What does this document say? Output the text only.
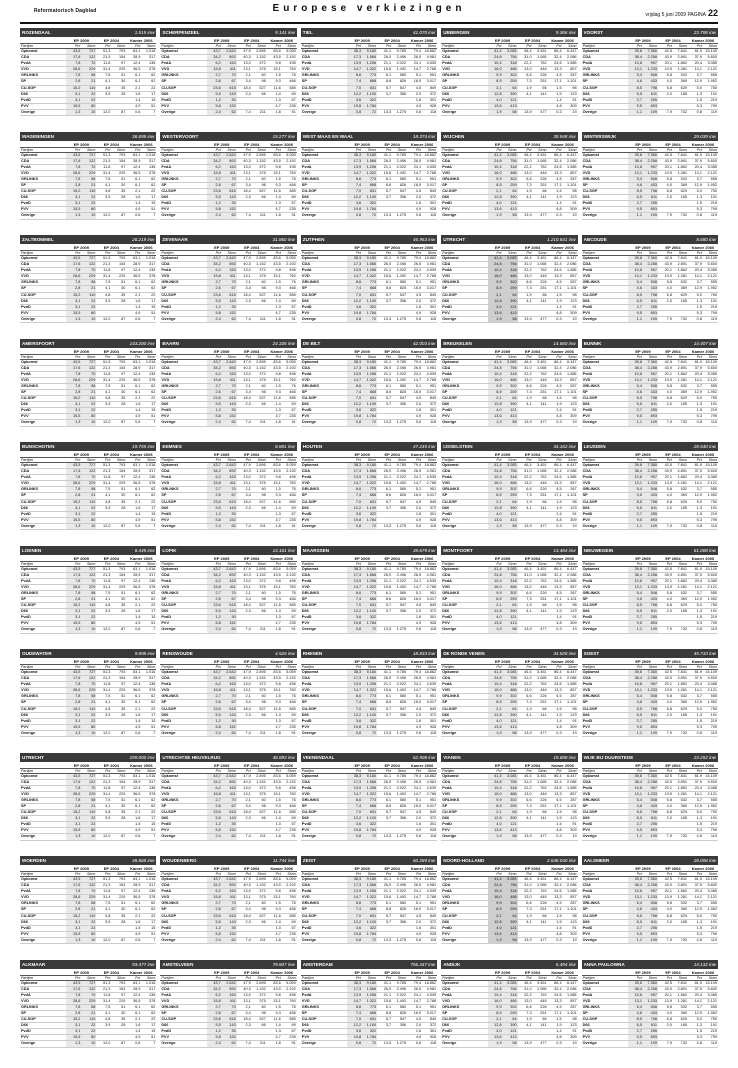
Reformatorisch Dagblad	Europese verkiezingen
vrijdag 5 juni 2009 PAGINA 22
ROZENDAAL	1.515 inw
EP 2009	EP 2004	Kamer 2006
Partijen	Pct	Stmn	Pct	Stmn	Pct	Stmn
Opkomst	43,5	727	51,3	793	63,1	1.016
CDA	17,6	122	21,3	154	28,9	317
PvdA	7,8	70	11,8	97	12,4	136
VVD	28,6	229	31,4	229	36,5	378
GRLINKS	7,8	58	7,5	51	6,1	62
SP	2,8	21	4,1	30	6,1	62
CU-SGP	15,2	110	4,8	35	2,1	22
D66	3,1	22	3,9	28	1,6	17
PvdD	3,1	22	1,4	15
PVV	15,5	80	4,9	51
Overige	1,3	10	12,0	87	0,6	7
SCHERPENZEEL	9.141 inw
EP 2009	EP 2004	Kamer 2006
Partijen	Pct	Stmn	Pct	Stmn	Pct	Stmn
Opkomst	43,7	2.642	47,9	2.895	83,6	5.059
CDA	34,2	892	40,3	1.152	43,5	2.192
PvdA	6,2	163	13,0	372	9,8	496
VVD	15,8	411	13,1	375	15,1	760
GRLINKS	2,7	70	2,1	60	1,5	76
SP	2,6	67	3,4	98	9,3	466
CU-SGP	23,6	615	18,4	527	11,6	585
D66	5,5	143	2,3	66	1,4	69
PvdD	1,2	30	1,3	67
PVV	5,8	152	4,7	235
Overige	2,4	62	7,4	211	1,8	91
TIEL	41.070 inw
EP 2009	EP 2004	Kamer 2006
Partijen	Pct	Stmn	Pct	Stmn	Pct	Stmn
Opkomst	38,3	9.180	41,1	9.785	79,4 18.862
CDA	17,3	1.566	26,0	2.496	26,5	4.981
PvdA	13,9	1.256	21,1	2.022	24,1	4.539
VVD	14,7	1.322	15,6	1.492	14,7	2.766
GRLINKS	8,6	773	6,1	580	5,1	951
SP	7,4	668	8,6	826	16,0	3.017
CU-SGP	7,0	631	5,7	547	4,5	849
D66	12,2	1.100	3,7	356	2,0	372
PvdD	3,6	322	1,6	301
PVV	19,8	1.784	4,9	928
Overige	0,8	72	13,3	1.275	0,6	118
UBBERGEN	9.366 inw
EP 2009	EP 2004	Kamer 2006
Partijen	Pct	Stmn	Pct	Stmn	Pct	Stmn
Opkomst	41,4	3.083	46,4	3.451	86,4	6.447
CDA	24,8	756	31,0	1.065	32,4	2.086
PvdA	10,4	318	22,2	762	24,6	1.585
VVD	16,0	486	13,0	446	13,3	857
GRLINKS	9,9	302	6,6	226	4,5	287
SP	8,5	259	7,3	251	17,1	1.101
CU-SGP	2,1	64	1,9	66	1,5	98
D66	12,8	390	4,1	141	1,9	123
PvdD	4,0	121	1,4	91
PVV	13,6	413	4,8	309
Overige	1,9	58	13,9	477	0,3	19
VOORST	23.706 inw
EP 2009	EP 2004	Kamer 2006
Partijen	Pct	Stmn	Pct	Stmn	Pct	Stmn
Opkomst	39,6	7.360	42,5	7.841	81,9 15.109
CDA	38,4	2.258	43,9	2.891	37,9	5.600
PvdA	10,6	997	20,1	1.862	20,4	3.085
VVD	13,1	1.233	13,9	1.281	14,1	2.121
GRLINKS	5,4	508	5,8	532	3,7	555
SP	4,6	433	4,0	369	12,9	1.952
CU-SGP	8,5	798	6,8	629	5,0	750
D66	6,5	611	2,0	185	1,3	191
PvdD	2,7	255	1,5	219
PVV	9,5	893	5,3	799
Overige	1,1	109	7,9	732	0,8	119
WAGENINGEN	36.695 inw
EP 2009	EP 2004	Kamer 2006
Partijen	Pct	Stmn	Pct	Stmn	Pct	Stmn
Opkomst	43,5	727	51,3	793	63,1	1.016
CDA	17,6	122	21,3	154	28,9	317
PvdA	7,8	70	11,8	97	12,4	136
VVD	28,6	229	31,4	229	36,5	378
GRLINKS	7,8	58	7,5	51	6,1	62
SP	2,8	21	4,1	30	6,1	62
CU-SGP	15,2	110	4,8	35	2,1	22
D66	3,1	22	3,9	28	1,6	17
PvdD	3,1	22	1,4	15
PVV	15,5	80	4,9	51
Overige	1,3	10	12,0	87	0,6	7
WESTERVOORT	15.277 inw
EP 2009	EP 2004	Kamer 2006
Partijen	Pct	Stmn	Pct	Stmn	Pct	Stmn
Opkomst	43,7	2.642	47,9	2.895	83,6	5.059
CDA	34,2	892	40,3	1.152	43,5	2.192
PvdA	6,2	163	13,0	372	9,8	496
VVD	15,8	411	13,1	375	15,1	760
GRLINKS	2,7	70	2,1	60	1,5	76
SP	2,6	67	3,4	98	9,3	466
CU-SGP	23,6	615	18,4	527	11,6	585
D66	5,5	143	2,3	66	1,4	69
PvdD	1,2	30	1,3	67
PVV	5,8	152	4,7	235
Overige	2,4	62	7,4	211	1,8	91
WEST MAAS EN WAAL	18.374 inw
EP 2009	EP 2004	Kamer 2006
Partijen	Pct	Stmn	Pct	Stmn	Pct	Stmn
Opkomst	38,3	9.180	41,1	9.785	79,4 18.862
CDA	17,3	1.566	26,0	2.496	26,5	4.981
PvdA	13,9	1.256	21,1	2.022	24,1	4.539
VVD	14,7	1.322	15,6	1.492	14,7	2.766
GRLINKS	8,6	773	6,1	580	5,1	951
SP	7,4	668	8,6	826	16,0	3.017
CU-SGP	7,0	631	5,7	547	4,5	849
D66	12,2	1.100	3,7	356	2,0	372
PvdD	3,6	322	1,6	301
PVV	19,8	1.784	4,9	928
Overige	0,8	72	13,3	1.275	0,6	118
WIJCHEN	39.948 inw
EP 2009	EP 2004	Kamer 2006
Partijen	Pct	Stmn	Pct	Stmn	Pct	Stmn
Opkomst	41,4	3.083	46,4	3.451	86,4	6.447
CDA	24,8	756	31,0	1.065	32,4	2.086
PvdA	10,4	318	22,2	762	24,6	1.585
VVD	16,0	486	13,0	446	13,3	857
GRLINKS	9,9	302	6,6	226	4,5	287
SP	8,5	259	7,3	251	17,1	1.101
CU-SGP	2,1	64	1,9	66	1,5	98
D66	12,8	390	4,1	141	1,9	123
PvdD	4,0	121	1,4	91
PVV	13,6	413	4,8	309
Overige	1,9	58	13,9	477	0,3	19
WINTERSWIJK	29.039 inw
EP 2009	EP 2004	Kamer 2006
Partijen	Pct	Stmn	Pct	Stmn	Pct	Stmn
Opkomst	39,6	7.360	42,5	7.841	81,9 15.109
CDA	38,4	2.258	43,9	2.891	37,9	5.600
PvdA	10,6	997	20,1	1.862	20,4	3.085
VVD	13,1	1.233	13,9	1.281	14,1	2.121
GRLINKS	5,4	508	5,8	532	3,7	555
SP	4,6	433	4,0	369	12,9	1.952
CU-SGP	8,5	798	6,8	629	5,0	750
D66	6,5	611	2,0	185	1,3	191
PvdD	2,7	255	1,5	219
PVV	9,5	893	5,3	799
Overige	1,1	109	7,9	732	0,8	119
ZALTBOMMEL	26.219 inw
EP 2009	EP 2004	Kamer 2006
Partijen	Pct	Stmn	Pct	Stmn	Pct	Stmn
Opkomst	43,5	727	51,3	793	63,1	1.016
CDA	17,6	122	21,3	154	28,9	317
PvdA	7,8	70	11,8	97	12,4	136
VVD	28,6	229	31,4	229	36,5	378
GRLINKS	7,8	58	7,5	51	6,1	62
SP	2,8	21	4,1	30	6,1	62
CU-SGP	15,2	110	4,8	35	2,1	22
D66	3,1	22	3,9	28	1,6	17
PvdD	3,1	22	1,4	15
PVV	15,5	80	4,9	51
Overige	1,3	10	12,0	87	0,6	7
ZEVENAAR	31.860 inw
EP 2009	EP 2004	Kamer 2006
Partijen	Pct	Stmn	Pct	Stmn	Pct	Stmn
Opkomst	43,7	2.642	47,9	2.895	83,6	5.059
CDA	34,2	892	40,3	1.152	43,5	2.192
PvdA	6,2	163	13,0	372	9,8	496
VVD	15,8	411	13,1	375	15,1	760
GRLINKS	2,7	70	2,1	60	1,5	76
SP	2,6	67	3,4	98	9,3	466
CU-SGP	23,6	615	18,4	527	11,6	585
D66	5,5	143	2,3	66	1,4	69
PvdD	1,2	30	1,3	67
PVV	5,8	152	4,7	235
Overige	2,4	62	7,4	211	1,8	91
ZUTPHEN	46.953 inw
EP 2009	EP 2004	Kamer 2006
Partijen	Pct	Stmn	Pct	Stmn	Pct	Stmn
Opkomst	38,3	9.180	41,1	9.785	79,4 18.862
CDA	17,3	1.566	26,0	2.496	26,5	4.981
PvdA	13,9	1.256	21,1	2.022	24,1	4.539
VVD	14,7	1.322	15,6	1.492	14,7	2.766
GRLINKS	8,6	773	6,1	580	5,1	951
SP	7,4	668	8,6	826	16,0	3.017
CU-SGP	7,0	631	5,7	547	4,5	849
D66	12,2	1.100	3,7	356	2,0	372
PvdD	3,6	322	1,6	301
PVV	19,8	1.784	4,9	928
Overige	0,8	72	13,3	1.275	0,6	118
UTRECHT	1.210.641 inw
EP 2009	EP 2004	Kamer 2006
Partijen	Pct	Stmn	Pct	Stmn	Pct	Stmn
Opkomst	41,4	3.083	46,4	3.451	86,4	6.447
CDA	24,8	756	31,0	1.065	32,4	2.086
PvdA	10,4	318	22,2	762	24,6	1.585
VVD	16,0	486	13,0	446	13,3	857
GRLINKS	9,9	302	6,6	226	4,5	287
SP	8,5	259	7,3	251	17,1	1.101
CU-SGP	2,1	64	1,9	66	1,5	98
D66	12,8	390	4,1	141	1,9	123
PvdD	4,0	121	1,4	91
PVV	13,6	413	4,8	309
Overige	1,9	58	13,9	477	0,3	19
ABCOUDE	8.680 inw
EP 2009	EP 2004	Kamer 2006
Partijen	Pct	Stmn	Pct	Stmn	Pct	Stmn
Opkomst	39,6	7.360	42,5	7.841	81,9 15.109
CDA	38,4	2.258	43,9	2.891	37,9	5.600
PvdA	10,6	997	20,1	1.862	20,4	3.085
VVD	13,1	1.233	13,9	1.281	14,1	2.121
GRLINKS	5,4	508	5,8	532	3,7	555
SP	4,6	433	4,0	369	12,9	1.952
CU-SGP	8,5	798	6,8	629	5,0	750
D66	6,5	611	2,0	185	1,3	191
PvdD	2,7	255	1,5	219
PVV	9,5	893	5,3	799
Overige	1,1	109	7,9	732	0,8	119
AMERSFOORT	143.200 inw
EP 2009	EP 2004	Kamer 2006
Partijen	Pct	Stmn	Pct	Stmn	Pct	Stmn
Opkomst	43,5	727	51,3	793	63,1	1.016
CDA	17,6	122	21,3	154	28,9	317
PvdA	7,8	70	11,8	97	12,4	136
VVD	28,6	229	31,4	229	36,5	378
GRLINKS	7,8	58	7,5	51	6,1	62
SP	2,8	21	4,1	30	6,1	62
CU-SGP	15,2	110	4,8	35	2,1	22
D66	3,1	22	3,9	28	1,6	17
PvdD	3,1	22	1,4	15
PVV	15,5	80	4,9	51
Overige	1,3	10	12,0	87	0,6	7
BAARN	24.335 inw
EP 2009	EP 2004	Kamer 2006
Partijen	Pct	Stmn	Pct	Stmn	Pct	Stmn
Opkomst	43,7	2.642	47,9	2.895	83,6	5.059
CDA	34,2	892	40,3	1.152	43,5	2.192
PvdA	6,2	163	13,0	372	9,8	496
VVD	15,8	411	13,1	375	15,1	760
GRLINKS	2,7	70	2,1	60	1,5	76
SP	2,6	67	3,4	98	9,3	466
CU-SGP	23,6	615	18,4	527	11,6	585
D66	5,5	143	2,3	66	1,4	69
PvdD	1,2	30	1,3	67
PVV	5,8	152	4,7	235
Overige	2,4	62	7,4	211	1,8	91
DE BILT	42.003 inw
EP 2009	EP 2004	Kamer 2006
Partijen	Pct	Stmn	Pct	Stmn	Pct	Stmn
Opkomst	38,3	9.180	41,1	9.785	79,4 18.862
CDA	17,3	1.566	26,0	2.496	26,5	4.981
PvdA	13,9	1.256	21,1	2.022	24,1	4.539
VVD	14,7	1.322	15,6	1.492	14,7	2.766
GRLINKS	8,6	773	6,1	580	5,1	951
SP	7,4	668	8,6	826	16,0	3.017
CU-SGP	7,0	631	5,7	547	4,5	849
D66	12,2	1.100	3,7	356	2,0	372
PvdD	3,6	322	1,6	301
PVV	19,8	1.784	4,9	928
Overige	0,8	72	13,3	1.275	0,6	118
BREUKELEN	14.660 inw
EP 2009	EP 2004	Kamer 2006
Partijen	Pct	Stmn	Pct	Stmn	Pct	Stmn
Opkomst	41,4	3.083	46,4	3.451	86,4	6.447
CDA	24,8	756	31,0	1.065	32,4	2.086
PvdA	10,4	318	22,2	762	24,6	1.585
VVD	16,0	486	13,0	446	13,3	857
GRLINKS	9,9	302	6,6	226	4,5	287
SP	8,5	259	7,3	251	17,1	1.101
CU-SGP	2,1	64	1,9	66	1,5	98
D66	12,8	390	4,1	141	1,9	123
PvdD	4,0	121	1,4	91
PVV	13,6	413	4,8	309
Overige	1,9	58	13,9	477	0,3	19
BUNNIK	14.407 inw
EP 2009	EP 2004	Kamer 2006
Partijen	Pct	Stmn	Pct	Stmn	Pct	Stmn
Opkomst	39,6	7.360	42,5	7.841	81,9 15.109
CDA	38,4	2.258	43,9	2.891	37,9	5.600
PvdA	10,6	997	20,1	1.862	20,4	3.085
VVD	13,1	1.233	13,9	1.281	14,1	2.121
GRLINKS	5,4	508	5,8	532	3,7	555
SP	4,6	433	4,0	369	12,9	1.952
CU-SGP	8,5	798	6,8	629	5,0	750
D66	6,5	611	2,0	185	1,3	191
PvdD	2,7	255	1,5	219
PVV	9,5	893	5,3	799
Overige	1,1	109	7,9	732	0,8	119
BUNSCHOTEN	19.755 inw
EP 2009	EP 2004	Kamer 2006
Partijen	Pct	Stmn	Pct	Stmn	Pct	Stmn
Opkomst	43,5	727	51,3	793	63,1	1.016
CDA	17,6	122	21,3	154	28,9	317
PvdA	7,8	70	11,8	97	12,4	136
VVD	28,6	229	31,4	229	36,5	378
GRLINKS	7,8	58	7,5	51	6,1	62
SP	2,8	21	4,1	30	6,1	62
CU-SGP	15,2	110	4,8	35	2,1	22
D66	3,1	22	3,9	28	1,6	17
PvdD	3,1	22	1,4	15
PVV	15,5	80	4,9	51
Overige	1,3	10	12,0	87	0,6	7
EEMNES	8.881 inw
EP 2009	EP 2004	Kamer 2006
Partijen	Pct	Stmn	Pct	Stmn	Pct	Stmn
Opkomst	43,7	2.642	47,9	2.895	83,6	5.059
CDA	34,2	892	40,3	1.152	43,5	2.192
PvdA	6,2	163	13,0	372	9,8	496
VVD	15,8	411	13,1	375	15,1	760
GRLINKS	2,7	70	2,1	60	1,5	76
SP	2,6	67	3,4	98	9,3	466
CU-SGP	23,6	615	18,4	527	11,6	585
D66	5,5	143	2,3	66	1,4	69
PvdD	1,2	30	1,3	67
PVV	5,8	152	4,7	235
Overige	2,4	62	7,4	211	1,8	91
HOUTEN	47.245 inw
EP 2009	EP 2004	Kamer 2006
Partijen	Pct	Stmn	Pct	Stmn	Pct	Stmn
Opkomst	38,3	9.180	41,1	9.785	79,4 18.862
CDA	17,3	1.566	26,0	2.496	26,5	4.981
PvdA	13,9	1.256	21,1	2.022	24,1	4.539
VVD	14,7	1.322	15,6	1.492	14,7	2.766
GRLINKS	8,6	773	6,1	580	5,1	951
SP	7,4	668	8,6	826	16,0	3.017
CU-SGP	7,0	631	5,7	547	4,5	849
D66	12,2	1.100	3,7	356	2,0	372
PvdD	3,6	322	1,6	301
PVV	19,8	1.784	4,9	928
Overige	0,8	72	13,3	1.275	0,6	118
IJSSELSTEIN	34.162 inw
EP 2009	EP 2004	Kamer 2006
Partijen	Pct	Stmn	Pct	Stmn	Pct	Stmn
Opkomst	41,4	3.083	46,4	3.451	86,4	6.447
CDA	24,8	756	31,0	1.065	32,4	2.086
PvdA	10,4	318	22,2	762	24,6	1.585
VVD	16,0	486	13,0	446	13,3	857
GRLINKS	9,9	302	6,6	226	4,5	287
SP	8,5	259	7,3	251	17,1	1.101
CU-SGP	2,1	64	1,9	66	1,5	98
D66	12,8	390	4,1	141	1,9	123
PvdD	4,0	121	1,4	91
PVV	13,6	413	4,8	309
Overige	1,9	58	13,9	477	0,3	19
LEUSDEN	28.540 inw
EP 2009	EP 2004	Kamer 2006
Partijen	Pct	Stmn	Pct	Stmn	Pct	Stmn
Opkomst	39,6	7.360	42,5	7.841	81,9 15.109
CDA	38,4	2.258	43,9	2.891	37,9	5.600
PvdA	10,6	997	20,1	1.862	20,4	3.085
VVD	13,1	1.233	13,9	1.281	14,1	2.121
GRLINKS	5,4	508	5,8	532	3,7	555
SP	4,6	433	4,0	369	12,9	1.952
CU-SGP	8,5	798	6,8	629	5,0	750
D66	6,5	611	2,0	185	1,3	191
PvdD	2,7	255	1,5	219
PVV	9,5	893	5,3	799
Overige	1,1	109	7,9	732	0,8	119
LOENEN	8.445 inw
EP 2009	EP 2004	Kamer 2006
Partijen	Pct	Stmn	Pct	Stmn	Pct	Stmn
Opkomst	43,5	727	51,3	793	63,1	1.016
CDA	17,6	122	21,3	154	28,9	317
PvdA	7,8	70	11,8	97	12,4	136
VVD	28,6	229	31,4	229	36,5	378
GRLINKS	7,8	58	7,5	51	6,1	62
SP	2,8	21	4,1	30	6,1	62
CU-SGP	15,2	110	4,8	35	2,1	22
D66	3,1	22	3,9	28	1,6	17
PvdD	3,1	22	1,4	15
PVV	15,5	80	4,9	51
Overige	1,3	10	12,0	87	0,6	7
LOPIK	14.161 inw
EP 2009	EP 2004	Kamer 2006
Partijen	Pct	Stmn	Pct	Stmn	Pct	Stmn
Opkomst	43,7	2.642	47,9	2.895	83,6	5.059
CDA	34,2	892	40,3	1.152	43,5	2.192
PvdA	6,2	163	13,0	372	9,8	496
VVD	15,8	411	13,1	375	15,1	760
GRLINKS	2,7	70	2,1	60	1,5	76
SP	2,6	67	3,4	98	9,3	466
CU-SGP	23,6	615	18,4	527	11,6	585
D66	5,5	143	2,3	66	1,4	69
PvdD	1,2	30	1,3	67
PVV	5,8	152	4,7	235
Overige	2,4	62	7,4	211	1,8	91
MAARSSEN	39.679 inw
EP 2009	EP 2004	Kamer 2006
Partijen	Pct	Stmn	Pct	Stmn	Pct	Stmn
Opkomst	38,3	9.180	41,1	9.785	79,4 18.862
CDA	17,3	1.566	26,0	2.496	26,5	4.981
PvdA	13,9	1.256	21,1	2.022	24,1	4.539
VVD	14,7	1.322	15,6	1.492	14,7	2.766
GRLINKS	8,6	773	6,1	580	5,1	951
SP	7,4	668	8,6	826	16,0	3.017
CU-SGP	7,0	631	5,7	547	4,5	849
D66	12,2	1.100	3,7	356	2,0	372
PvdD	3,6	322	1,6	301
PVV	19,8	1.784	4,9	928
Overige	0,8	72	13,3	1.275	0,6	118
MONTFOORT	13.484 inw
EP 2009	EP 2004	Kamer 2006
Partijen	Pct	Stmn	Pct	Stmn	Pct	Stmn
Opkomst	41,4	3.083	46,4	3.451	86,4	6.447
CDA	24,8	756	31,0	1.065	32,4	2.086
PvdA	10,4	318	22,2	762	24,6	1.585
VVD	16,0	486	13,0	446	13,3	857
GRLINKS	9,9	302	6,6	226	4,5	287
SP	8,5	259	7,3	251	17,1	1.101
CU-SGP	2,1	64	1,9	66	1,5	98
D66	12,8	390	4,1	141	1,9	123
PvdD	4,0	121	1,4	91
PVV	13,6	413	4,8	309
Overige	1,9	58	13,9	477	0,3	19
NIEUWEGEIN	61.008 inw
EP 2009	EP 2004	Kamer 2006
Partijen	Pct	Stmn	Pct	Stmn	Pct	Stmn
Opkomst	39,6	7.360	42,5	7.841	81,9 15.109
CDA	38,4	2.258	43,9	2.891	37,9	5.600
PvdA	10,6	997	20,1	1.862	20,4	3.085
VVD	13,1	1.233	13,9	1.281	14,1	2.121
GRLINKS	5,4	508	5,8	532	3,7	555
SP	4,6	433	4,0	369	12,9	1.952
CU-SGP	8,5	798	6,8	629	5,0	750
D66	6,5	611	2,0	185	1,3	191
PvdD	2,7	255	1,5	219
PVV	9,5	893	5,3	799
Overige	1,1	109	7,9	732	0,8	119
OUDEWATER	9.898 inw
EP 2009	EP 2004	Kamer 2006
Partijen	Pct	Stmn	Pct	Stmn	Pct	Stmn
Opkomst	43,5	727	51,3	793	63,1	1.016
CDA	17,6	122	21,3	154	28,9	317
PvdA	7,8	70	11,8	97	12,4	136
VVD	28,6	229	31,4	229	36,5	378
GRLINKS	7,8	58	7,5	51	6,1	62
SP	2,8	21	4,1	30	6,1	62
CU-SGP	15,2	110	4,8	35	2,1	22
D66	3,1	22	3,9	28	1,6	17
PvdD	3,1	22	1,4	15
PVV	15,5	80	4,9	51
Overige	1,3	10	12,0	87	0,6	7
RENSWOUDE	4.526 inw
EP 2009	EP 2004	Kamer 2006
Partijen	Pct	Stmn	Pct	Stmn	Pct	Stmn
Opkomst	43,7	2.642	47,9	2.895	83,6	5.059
CDA	34,2	892	40,3	1.152	43,5	2.192
PvdA	6,2	163	13,0	372	9,8	496
VVD	15,8	411	13,1	375	15,1	760
GRLINKS	2,7	70	2,1	60	1,5	76
SP	2,6	67	3,4	98	9,3	466
CU-SGP	23,6	615	18,4	527	11,6	585
D66	5,5	143	2,3	66	1,4	69
PvdD	1,2	30	1,3	67
PVV	5,8	152	4,7	235
Overige	2,4	62	7,4	211	1,8	91
RHENEN	18.833 inw
EP 2009	EP 2004	Kamer 2006
Partijen	Pct	Stmn	Pct	Stmn	Pct	Stmn
Opkomst	38,3	9.180	41,1	9.785	79,4 18.862
CDA	17,3	1.566	26,0	2.496	26,5	4.981
PvdA	13,9	1.256	21,1	2.022	24,1	4.539
VVD	14,7	1.322	15,6	1.492	14,7	2.766
GRLINKS	8,6	773	6,1	580	5,1	951
SP	7,4	668	8,6	826	16,0	3.017
CU-SGP	7,0	631	5,7	547	4,5	849
D66	12,2	1.100	3,7	356	2,0	372
PvdD	3,6	322	1,6	301
PVV	19,8	1.784	4,9	928
Overige	0,8	72	13,3	1.275	0,6	118
DE RONDE VENEN	34.528 inw
EP 2009	EP 2004	Kamer 2006
Partijen	Pct	Stmn	Pct	Stmn	Pct	Stmn
Opkomst	41,4	3.083	46,4	3.451	86,4	6.447
CDA	24,8	756	31,0	1.065	32,4	2.086
PvdA	10,4	318	22,2	762	24,6	1.585
VVD	16,0	486	13,0	446	13,3	857
GRLINKS	9,9	302	6,6	226	4,5	287
SP	8,5	259	7,3	251	17,1	1.101
CU-SGP	2,1	64	1,9	66	1,5	98
D66	12,8	390	4,1	141	1,9	123
PvdD	4,0	121	1,4	91
PVV	13,6	413	4,8	309
Overige	1,9	58	13,9	477	0,3	19
SOEST	45.710 inw
EP 2009	EP 2004	Kamer 2006
Partijen	Pct	Stmn	Pct	Stmn	Pct	Stmn
Opkomst	39,6	7.360	42,5	7.841	81,9 15.109
CDA	38,4	2.258	43,9	2.891	37,9	5.600
PvdA	10,6	997	20,1	1.862	20,4	3.085
VVD	13,1	1.233	13,9	1.281	14,1	2.121
GRLINKS	5,4	508	5,8	532	3,7	555
SP	4,6	433	4,0	369	12,9	1.952
CU-SGP	8,5	798	6,8	629	5,0	750
D66	6,5	611	2,0	185	1,3	191
PvdD	2,7	255	1,5	219
PVV	9,5	893	5,3	799
Overige	1,1	109	7,9	732	0,8	119
UTRECHT	299.000 inw
EP 2009	EP 2004	Kamer 2006
Partijen	Pct	Stmn	Pct	Stmn	Pct	Stmn
Opkomst	43,5	727	51,3	793	63,1	1.016
CDA	17,6	122	21,3	154	28,9	317
PvdA	7,8	70	11,8	97	12,4	136
VVD	28,6	229	31,4	229	36,5	378
GRLINKS	7,8	58	7,5	51	6,1	62
SP	2,8	21	4,1	30	6,1	62
CU-SGP	15,2	110	4,8	35	2,1	22
D66	3,1	22	3,9	28	1,6	17
PvdD	3,1	22	1,4	15
PVV	15,5	80	4,9	51
Overige	1,3	10	12,0	87	0,6	7
UTRECHTSE HEUVELRUG	48.893 inw
EP 2009	EP 2004	Kamer 2006
Partijen	Pct	Stmn	Pct	Stmn	Pct	Stmn
Opkomst	43,7	2.642	47,9	2.895	83,6	5.059
CDA	34,2	892	40,3	1.152	43,5	2.192
PvdA	6,2	163	13,0	372	9,8	496
VVD	15,8	411	13,1	375	15,1	760
GRLINKS	2,7	70	2,1	60	1,5	76
SP	2,6	67	3,4	98	9,3	466
CU-SGP	23,6	615	18,4	527	11,6	585
D66	5,5	143	2,3	66	1,4	69
PvdD	1,2	30	1,3	67
PVV	5,8	152	4,7	235
Overige	2,4	62	7,4	211	1,8	91
VEENENDAAL	62.908 inw
EP 2009	EP 2004	Kamer 2006
Partijen	Pct	Stmn	Pct	Stmn	Pct	Stmn
Opkomst	38,3	9.180	41,1	9.785	79,4 18.862
CDA	17,3	1.566	26,0	2.496	26,5	4.981
PvdA	13,9	1.256	21,1	2.022	24,1	4.539
VVD	14,7	1.322	15,6	1.492	14,7	2.766
GRLINKS	8,6	773	6,1	580	5,1	951
SP	7,4	668	8,6	826	16,0	3.017
CU-SGP	7,0	631	5,7	547	4,5	849
D66	12,2	1.100	3,7	356	2,0	372
PvdD	3,6	322	1,6	301
PVV	19,8	1.784	4,9	928
Overige	0,8	72	13,3	1.275	0,6	118
VIANEN	19.688 inw
EP 2009	EP 2004	Kamer 2006
Partijen	Pct	Stmn	Pct	Stmn	Pct	Stmn
Opkomst	41,4	3.083	46,4	3.451	86,4	6.447
CDA	24,8	756	31,0	1.065	32,4	2.086
PvdA	10,4	318	22,2	762	24,6	1.585
VVD	16,0	486	13,0	446	13,3	857
GRLINKS	9,9	302	6,6	226	4,5	287
SP	8,5	259	7,3	251	17,1	1.101
CU-SGP	2,1	64	1,9	66	1,5	98
D66	12,8	390	4,1	141	1,9	123
PvdD	4,0	121	1,4	91
PVV	13,6	413	4,8	309
Overige	1,9	58	13,9	477	0,3	19
WIJK BIJ DUURSTEDE	23.252 inw
EP 2009	EP 2004	Kamer 2006
Partijen	Pct	Stmn	Pct	Stmn	Pct	Stmn
Opkomst	39,6	7.360	42,5	7.841	81,9 15.109
CDA	38,4	2.258	43,9	2.891	37,9	5.600
PvdA	10,6	997	20,1	1.862	20,4	3.085
VVD	13,1	1.233	13,9	1.281	14,1	2.121
GRLINKS	5,4	508	5,8	532	3,7	555
SP	4,6	433	4,0	369	12,9	1.952
CU-SGP	8,5	798	6,8	629	5,0	750
D66	6,5	611	2,0	185	1,3	191
PvdD	2,7	255	1,5	219
PVV	9,5	893	5,3	799
Overige	1,1	109	7,9	732	0,8	119
WOERDEN	48.868 inw
EP 2009	EP 2004	Kamer 2006
Partijen	Pct	Stmn	Pct	Stmn	Pct	Stmn
Opkomst	43,5	727	51,3	793	63,1	1.016
CDA	17,6	122	21,3	154	28,9	317
PvdA	7,8	70	11,8	97	12,4	136
VVD	28,6	229	31,4	229	36,5	378
GRLINKS	7,8	58	7,5	51	6,1	62
SP	2,8	21	4,1	30	6,1	62
CU-SGP	15,2	110	4,8	35	2,1	22
D66	3,1	22	3,9	28	1,6	17
PvdD	3,1	22	1,4	15
PVV	15,5	80	4,9	51
Overige	1,3	10	12,0	87	0,6	7
WOUDENBERG	11.744 inw
EP 2009	EP 2004	Kamer 2006
Partijen	Pct	Stmn	Pct	Stmn	Pct	Stmn
Opkomst	43,7	2.642	47,9	2.895	83,6	5.059
CDA	34,2	892	40,3	1.152	43,5	2.192
PvdA	6,2	163	13,0	372	9,8	496
VVD	15,8	411	13,1	375	15,1	760
GRLINKS	2,7	70	2,1	60	1,5	76
SP	2,6	67	3,4	98	9,3	466
CU-SGP	23,6	615	18,4	527	11,6	585
D66	5,5	143	2,3	66	1,4	69
PvdD	1,2	30	1,3	67
PVV	5,8	152	4,7	235
Overige	2,4	62	7,4	211	1,8	91
ZEIST	60.289 inw
EP 2009	EP 2004	Kamer 2006
Partijen	Pct	Stmn	Pct	Stmn	Pct	Stmn
Opkomst	38,3	9.180	41,1	9.785	79,4 18.862
CDA	17,3	1.566	26,0	2.496	26,5	4.981
PvdA	13,9	1.256	21,1	2.022	24,1	4.539
VVD	14,7	1.322	15,6	1.492	14,7	2.766
GRLINKS	8,6	773	6,1	580	5,1	951
SP	7,4	668	8,6	826	16,0	3.017
CU-SGP	7,0	631	5,7	547	4,5	849
D66	12,2	1.100	3,7	356	2,0	372
PvdD	3,6	322	1,6	301
PVV	19,8	1.784	4,9	928
Overige	0,8	72	13,3	1.275	0,6	118
NOORD-HOLLAND	2.648.040 inw
EP 2009	EP 2004	Kamer 2006
Partijen	Pct	Stmn	Pct	Stmn	Pct	Stmn
Opkomst	41,4	3.083	46,4	3.451	86,4	6.447
CDA	24,8	756	31,0	1.065	32,4	2.086
PvdA	10,4	318	22,2	762	24,6	1.585
VVD	16,0	486	13,0	446	13,3	857
GRLINKS	9,9	302	6,6	226	4,5	287
SP	8,5	259	7,3	251	17,1	1.101
CU-SGP	2,1	64	1,9	66	1,5	98
D66	12,8	390	4,1	141	1,9	123
PvdD	4,0	121	1,4	91
PVV	13,6	413	4,8	309
Overige	1,9	58	13,9	477	0,3	19
AALSMEER	28.006 inw
EP 2009	EP 2004	Kamer 2006
Partijen	Pct	Stmn	Pct	Stmn	Pct	Stmn
Opkomst	39,6	7.360	42,5	7.841	81,9 15.109
CDA	38,4	2.258	43,9	2.891	37,9	5.600
PvdA	10,6	997	20,1	1.862	20,4	3.085
VVD	13,1	1.233	13,9	1.281	14,1	2.121
GRLINKS	5,4	508	5,8	532	3,7	555
SP	4,6	433	4,0	369	12,9	1.952
CU-SGP	8,5	798	6,8	629	5,0	750
D66	6,5	611	2,0	185	1,3	191
PvdD	2,7	255	1,5	219
PVV	9,5	893	5,3	799
Overige	1,1	109	7,9	732	0,8	119
ALKMAAR	93.477 inw
EP 2009	EP 2004	Kamer 2006
Partijen	Pct	Stmn	Pct	Stmn	Pct	Stmn
Opkomst	43,5	727	51,3	793	63,1	1.016
CDA	17,6	122	21,3	154	28,9	317
PvdA	7,8	70	11,8	97	12,4	136
VVD	28,6	229	31,4	229	36,5	378
GRLINKS	7,8	58	7,5	51	6,1	62
SP	2,8	21	4,1	30	6,1	62
CU-SGP	15,2	110	4,8	35	2,1	22
D66	3,1	22	3,9	28	1,6	17
PvdD	3,1	22	1,4	15
PVV	15,5	80	4,9	51
Overige	1,3	10	12,0	87	0,6	7
AMSTELVEEN	79.807 inw
EP 2009	EP 2004	Kamer 2006
Partijen	Pct	Stmn	Pct	Stmn	Pct	Stmn
Opkomst	43,7	2.642	47,9	2.895	83,6	5.059
CDA	34,2	892	40,3	1.152	43,5	2.192
PvdA	6,2	163	13,0	372	9,8	496
VVD	15,8	411	13,1	375	15,1	760
GRLINKS	2,7	70	2,1	60	1,5	76
SP	2,6	67	3,4	98	9,3	466
CU-SGP	23,6	615	18,4	527	11,6	585
D66	5,5	143	2,3	66	1,4	69
PvdD	1,2	30	1,3	67
PVV	5,8	152	4,7	235
Overige	2,4	62	7,4	211	1,8	91
AMSTERDAM	756.347 inw
EP 2009	EP 2004	Kamer 2006
Partijen	Pct	Stmn	Pct	Stmn	Pct	Stmn
Opkomst	38,3	9.180	41,1	9.785	79,4 18.862
CDA	17,3	1.566	26,0	2.496	26,5	4.981
PvdA	13,9	1.256	21,1	2.022	24,1	4.539
VVD	14,7	1.322	15,6	1.492	14,7	2.766
GRLINKS	8,6	773	6,1	580	5,1	951
SP	7,4	668	8,6	826	16,0	3.017
CU-SGP	7,0	631	5,7	547	4,5	849
D66	12,2	1.100	3,7	356	2,0	372
PvdD	3,6	322	1,6	301
PVV	19,8	1.784	4,9	928
Overige	0,8	72	13,3	1.275	0,6	118
ANDIJK	6.494 inw
EP 2009	EP 2004	Kamer 2006
Partijen	Pct	Stmn	Pct	Stmn	Pct	Stmn
Opkomst	41,4	3.083	46,4	3.451	86,4	6.447
CDA	24,8	756	31,0	1.065	32,4	2.086
PvdA	10,4	318	22,2	762	24,6	1.585
VVD	16,0	486	13,0	446	13,3	857
GRLINKS	9,9	302	6,6	226	4,5	287
SP	8,5	259	7,3	251	17,1	1.101
CU-SGP	2,1	64	1,9	66	1,5	98
D66	12,8	390	4,1	141	1,9	123
PvdD	4,0	121	1,4	91
PVV	13,6	413	4,8	309
Overige	1,9	58	13,9	477	0,3	19
ANNA PAULOWNA	14.132 inw
EP 2009	EP 2004	Kamer 2006
Partijen	Pct	Stmn	Pct	Stmn	Pct	Stmn
Opkomst	39,6	7.360	42,5	7.841	81,9 15.109
CDA	38,4	2.258	43,9	2.891	37,9	5.600
PvdA	10,6	997	20,1	1.862	20,4	3.085
VVD	13,1	1.233	13,9	1.281	14,1	2.121
GRLINKS	5,4	508	5,8	532	3,7	555
SP	4,6	433	4,0	369	12,9	1.952
CU-SGP	8,5	798	6,8	629	5,0	750
D66	6,5	611	2,0	185	1,3	191
PvdD	2,7	255	1,5	219
PVV	9,5	893	5,3	799
Overige	1,1	109	7,9	732	0,8	119
